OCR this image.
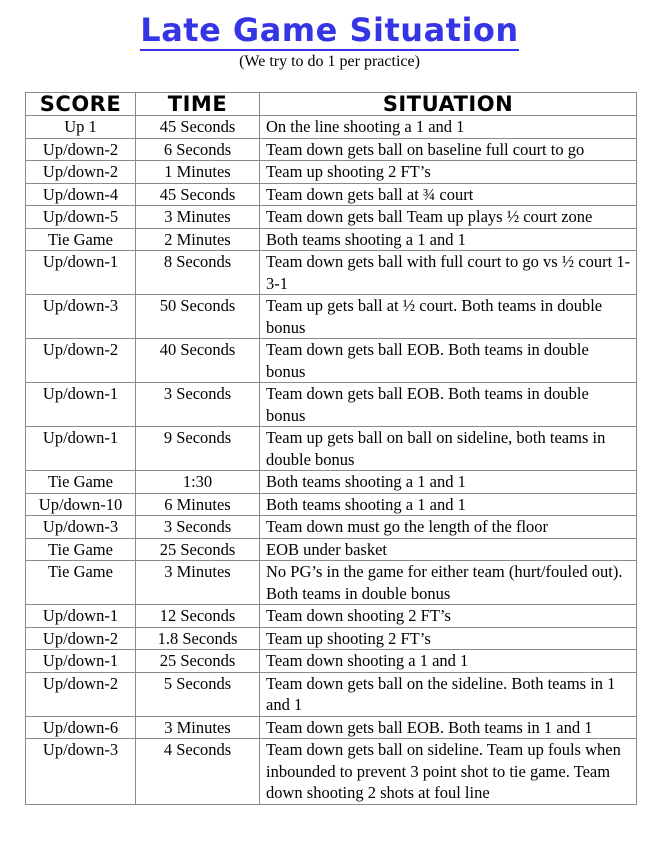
Late Game Situation
(We try to do 1 per practice)
SCORE	TIME	SITUATION
Up 1	45 Seconds	On the line shooting a 1 and 1
Up/down-2	6 Seconds	Team down gets ball on baseline full court to go
Up/down-2	1 Minutes	Team up shooting 2 FT’s
Up/down-4	45 Seconds	Team down gets ball at ¾ court
Up/down-5	3 Minutes	Team down gets ball Team up plays ½ court zone
Tie Game	2 Minutes	Both teams shooting a 1 and 1
Up/down-1	8 Seconds	Team down gets ball with full court to go vs ½ court 1-3-1
Up/down-3	50 Seconds	Team up gets ball at ½ court. Both teams in double bonus
Up/down-2	40 Seconds	Team down gets ball EOB. Both teams in double bonus
Up/down-1	3 Seconds	Team down gets ball EOB. Both teams in double bonus
Up/down-1	9 Seconds	Team up gets ball on ball on sideline, both teams in double bonus
Tie Game	1:30	Both teams shooting a 1 and 1
Up/down-10	6 Minutes	Both teams shooting a 1 and 1
Up/down-3	3 Seconds	Team down must go the length of the floor
Tie Game	25 Seconds	EOB under basket
Tie Game	3 Minutes	No PG’s in the game for either team (hurt/fouled out). Both teams in double bonus
Up/down-1	12 Seconds	Team down shooting 2 FT’s
Up/down-2	1.8 Seconds	Team up shooting 2 FT’s
Up/down-1	25 Seconds	Team down shooting a 1 and 1
Up/down-2	5 Seconds	Team down gets ball on the sideline. Both teams in 1 and 1
Up/down-6	3 Minutes	Team down gets ball EOB. Both teams in 1 and 1
Up/down-3	4 Seconds	Team down gets ball on sideline. Team up fouls when inbounded to prevent 3 point shot to tie game. Team down shooting 2 shots at foul line
